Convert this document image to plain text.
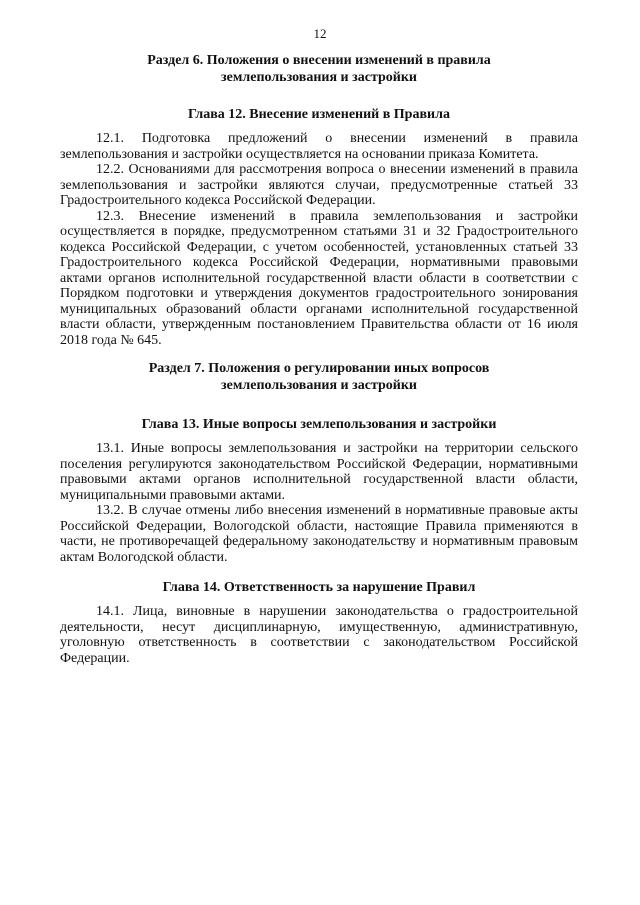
12

Раздел 6. Положения о внесении изменений в правила

землепользования и застройки

Глава 12. Внесение изменений в Правила

12.1. Подготовка предложений о внесении изменений в правила землепользования и застройки осуществляется на основании приказа Комитета.

12.2. Основаниями для рассмотрения вопроса о внесении изменений в правила землепользования и застройки являются случаи, предусмотренные статьей 33 Градостроительного кодекса Российской Федерации.

12.3. Внесение изменений в правила землепользования и застройки осуществляется в порядке, предусмотренном статьями 31 и 32 Градостроительного кодекса Российской Федерации, с учетом особенностей, установленных статьей 33 Градостроительного кодекса Российской Федерации, нормативными правовыми актами органов исполнительной государственной власти области в соответствии с Порядком подготовки и утверждения документов градостроительного зонирования муниципальных образований области органами исполнительной государственной власти области, утвержденным постановлением Правительства области от 16 июля 2018 года № 645.

Раздел 7. Положения о регулировании иных вопросов

землепользования и застройки

Глава 13. Иные вопросы землепользования и застройки

13.1. Иные вопросы землепользования и застройки на территории сельского поселения регулируются законодательством Российской Федерации, нормативными правовыми актами органов исполнительной государственной власти области, муниципальными правовыми актами.

13.2. В случае отмены либо внесения изменений в нормативные правовые акты Российской Федерации, Вологодской области, настоящие Правила применяются в части, не противоречащей федеральному законодательству и нормативным правовым актам Вологодской области.

Глава 14. Ответственность за нарушение Правил

14.1. Лица, виновные в нарушении законодательства о градостроительной деятельности, несут дисциплинарную, имущественную, административную, уголовную ответственность в соответствии с законодательством Российской Федерации.
